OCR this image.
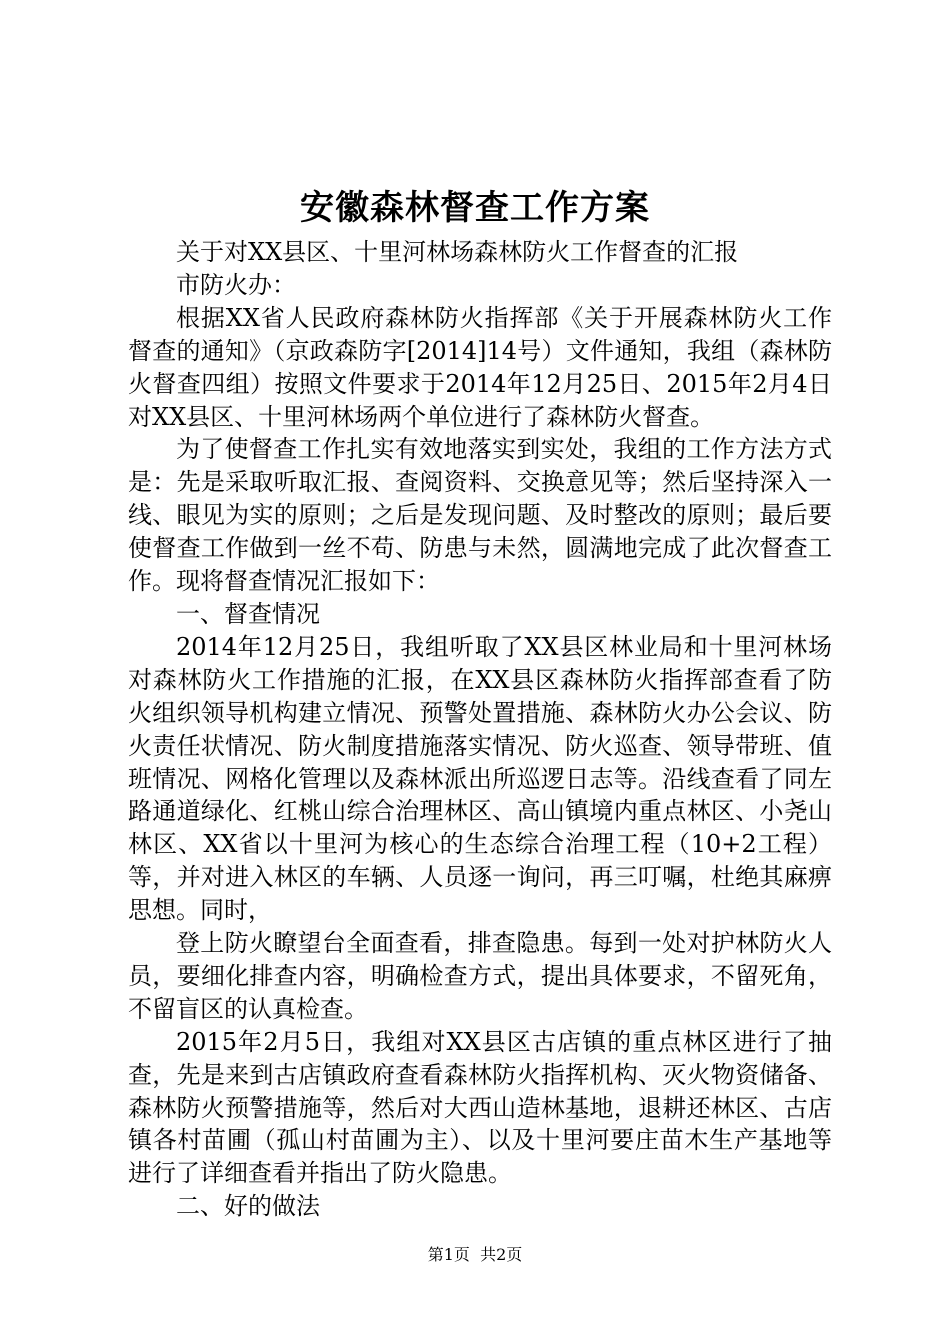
安徽森林督查工作方案

关于对XX县区、十里河林场森林防火工作督查的汇报

市防火办：

根据XX省人民政府森林防火指挥部《关于开展森林防火工作督查的通知》（京政森防字[2014]14号）文件通知，我组（森林防火督查四组）按照文件要求于2014年12月25日、2015年2月4日对XX县区、十里河林场两个单位进行了森林防火督查。

为了使督查工作扎实有效地落实到实处，我组的工作方法方式是：先是采取听取汇报、查阅资料、交换意见等；然后坚持深入一线、眼见为实的原则；之后是发现问题、及时整改的原则；最后要使督查工作做到一丝不苟、防患与未然，圆满地完成了此次督查工作。现将督查情况汇报如下：

一、督查情况

2014年12月25日，我组听取了XX县区林业局和十里河林场对森林防火工作措施的汇报，在XX县区森林防火指挥部查看了防火组织领导机构建立情况、预警处置措施、森林防火办公会议、防火责任状情况、防火制度措施落实情况、防火巡查、领导带班、值班情况、网格化管理以及森林派出所巡逻日志等。沿线查看了同左路通道绿化、红桃山综合治理林区、高山镇境内重点林区、小尧山林区、XX省以十里河为核心的生态综合治理工程（10+2工程）等，并对进入林区的车辆、人员逐一询问，再三叮嘱，杜绝其麻痹思想。同时，

登上防火瞭望台全面查看，排查隐患。每到一处对护林防火人员，要细化排查内容，明确检查方式，提出具体要求，不留死角，不留盲区的认真检查。

2015年2月5日，我组对XX县区古店镇的重点林区进行了抽查，先是来到古店镇政府查看森林防火指挥机构、灭火物资储备、森林防火预警措施等，然后对大西山造林基地，退耕还林区、古店镇各村苗圃（孤山村苗圃为主）、以及十里河要庄苗木生产基地等进行了详细查看并指出了防火隐患。

二、好的做法

第1页 共2页
